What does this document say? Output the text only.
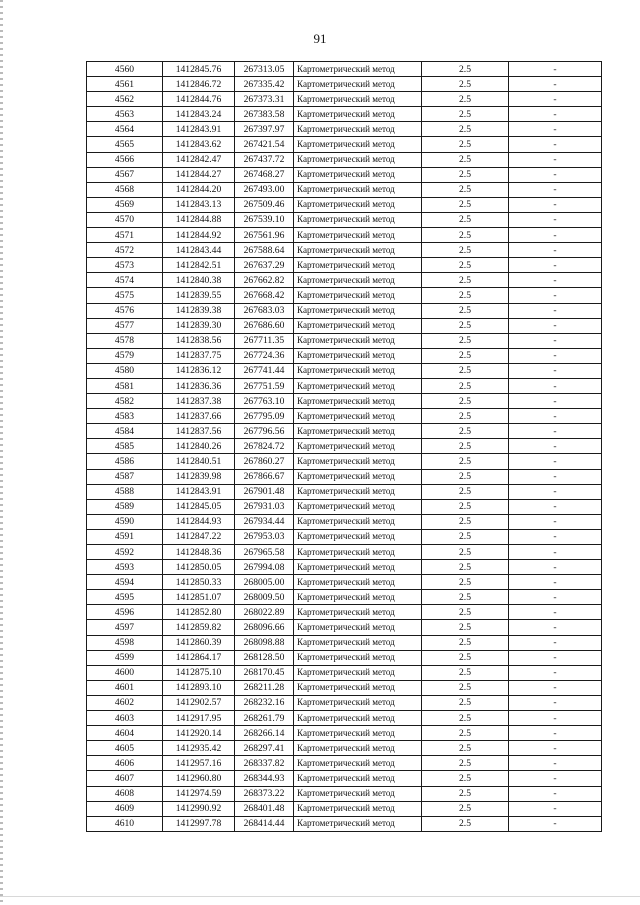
91
4560	1412845.76	267313.05	Картометрический метод	2.5	-
4561	1412846.72	267335.42	Картометрический метод	2.5	-
4562	1412844.76	267373.31	Картометрический метод	2.5	-
4563	1412843.24	267383.58	Картометрический метод	2.5	-
4564	1412843.91	267397.97	Картометрический метод	2.5	-
4565	1412843.62	267421.54	Картометрический метод	2.5	-
4566	1412842.47	267437.72	Картометрический метод	2.5	-
4567	1412844.27	267468.27	Картометрический метод	2.5	-
4568	1412844.20	267493.00	Картометрический метод	2.5	-
4569	1412843.13	267509.46	Картометрический метод	2.5	-
4570	1412844.88	267539.10	Картометрический метод	2.5	-
4571	1412844.92	267561.96	Картометрический метод	2.5	-
4572	1412843.44	267588.64	Картометрический метод	2.5	-
4573	1412842.51	267637.29	Картометрический метод	2.5	-
4574	1412840.38	267662.82	Картометрический метод	2.5	-
4575	1412839.55	267668.42	Картометрический метод	2.5	-
4576	1412839.38	267683.03	Картометрический метод	2.5	-
4577	1412839.30	267686.60	Картометрический метод	2.5	-
4578	1412838.56	267711.35	Картометрический метод	2.5	-
4579	1412837.75	267724.36	Картометрический метод	2.5	-
4580	1412836.12	267741.44	Картометрический метод	2.5	-
4581	1412836.36	267751.59	Картометрический метод	2.5	-
4582	1412837.38	267763.10	Картометрический метод	2.5	-
4583	1412837.66	267795.09	Картометрический метод	2.5	-
4584	1412837.56	267796.56	Картометрический метод	2.5	-
4585	1412840.26	267824.72	Картометрический метод	2.5	-
4586	1412840.51	267860.27	Картометрический метод	2.5	-
4587	1412839.98	267866.67	Картометрический метод	2.5	-
4588	1412843.91	267901.48	Картометрический метод	2.5	-
4589	1412845.05	267931.03	Картометрический метод	2.5	-
4590	1412844.93	267934.44	Картометрический метод	2.5	-
4591	1412847.22	267953.03	Картометрический метод	2.5	-
4592	1412848.36	267965.58	Картометрический метод	2.5	-
4593	1412850.05	267994.08	Картометрический метод	2.5	-
4594	1412850.33	268005.00	Картометрический метод	2.5	-
4595	1412851.07	268009.50	Картометрический метод	2.5	-
4596	1412852.80	268022.89	Картометрический метод	2.5	-
4597	1412859.82	268096.66	Картометрический метод	2.5	-
4598	1412860.39	268098.88	Картометрический метод	2.5	-
4599	1412864.17	268128.50	Картометрический метод	2.5	-
4600	1412875.10	268170.45	Картометрический метод	2.5	-
4601	1412893.10	268211.28	Картометрический метод	2.5	-
4602	1412902.57	268232.16	Картометрический метод	2.5	-
4603	1412917.95	268261.79	Картометрический метод	2.5	-
4604	1412920.14	268266.14	Картометрический метод	2.5	-
4605	1412935.42	268297.41	Картометрический метод	2.5	-
4606	1412957.16	268337.82	Картометрический метод	2.5	-
4607	1412960.80	268344.93	Картометрический метод	2.5	-
4608	1412974.59	268373.22	Картометрический метод	2.5	-
4609	1412990.92	268401.48	Картометрический метод	2.5	-
4610	1412997.78	268414.44	Картометрический метод	2.5	-
